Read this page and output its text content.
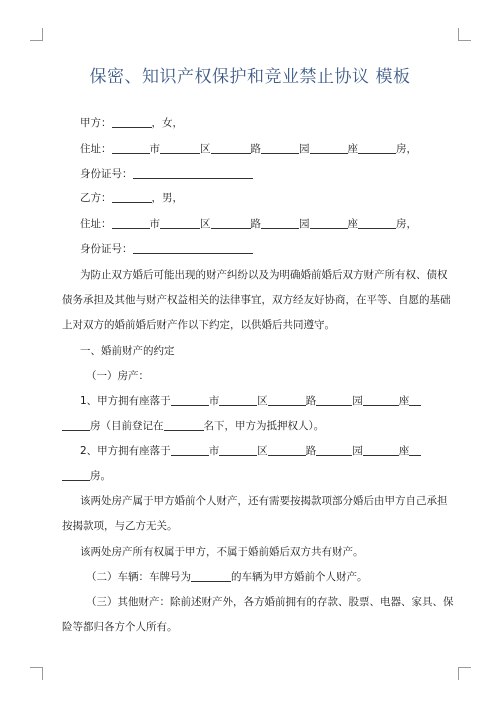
保密、知识产权保护和竞业禁止协议 模板
甲方：	，女，
住址：	市	区	路	园	座	房，
身份证号：
乙方：	，男，
住址：	市	区	路	园	座	房，
身份证号：
为防止双方婚后可能出现的财产纠纷以及为明确婚前婚后双方财产所有权、债权
债务承担及其他与财产权益相关的法律事宜，双方经友好协商，在平等、自愿的基础
上对双方的婚前婚后财产作以下约定，以供婚后共同遵守。
一、婚前财产的约定
（一）房产：
1、甲方拥有座落于	市	区	路	园	座
房（目前登记在	名下，甲方为抵押权人）。
2、甲方拥有座落于	市	区	路	园	座
房。
该两处房产属于甲方婚前个人财产，还有需要按揭款项部分婚后由甲方自己承担
按揭款项，与乙方无关。
该两处房产所有权属于甲方，不属于婚前婚后双方共有财产。
（二）车辆：车牌号为	的车辆为甲方婚前个人财产。
（三）其他财产：除前述财产外，各方婚前拥有的存款、股票、电器、家具、保
险等都归各方个人所有。
